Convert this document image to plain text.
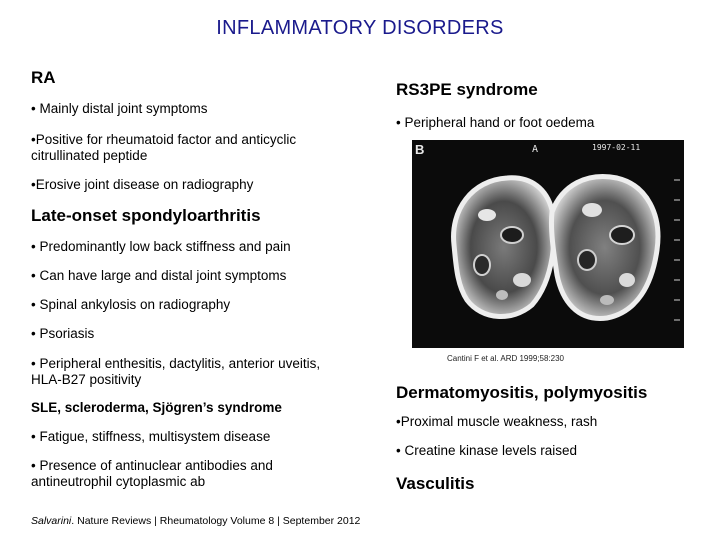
INFLAMMATORY DISORDERS
RA
• Mainly distal joint symptoms
•Positive for rheumatoid factor and anticyclic citrullinated peptide
•Erosive joint disease on radiography
Late-onset spondyloarthritis
• Predominantly low back stiffness and pain
• Can have large and distal joint symptoms
• Spinal ankylosis on radiography
• Psoriasis
• Peripheral enthesitis, dactylitis, anterior uveitis, HLA-B27 positivity
SLE, scleroderma, Sjögren’s syndrome
• Fatigue, stiffness, multisystem disease
• Presence of antinuclear antibodies and antineutrophil cytoplasmic ab
Salvarini. Nature Reviews | Rheumatology Volume 8 | September 2012
RS3PE syndrome
• Peripheral hand or foot oedema
B	A	1997-02-11
Cantini F et al. ARD 1999;58:230
Dermatomyositis, polymyositis
•Proximal muscle weakness, rash
• Creatine kinase levels raised
Vasculitis
